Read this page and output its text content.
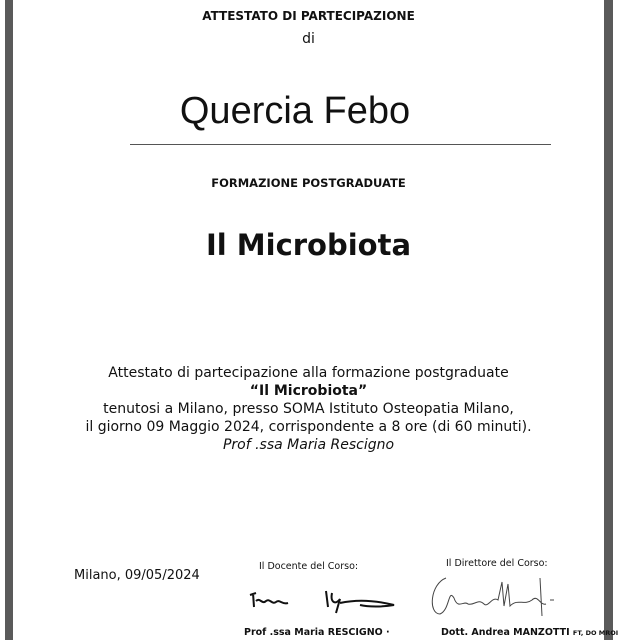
ATTESTATO DI PARTECIPAZIONE
di
Quercia Febo
FORMAZIONE POSTGRADUATE
Il Microbiota
Attestato di partecipazione alla formazione postgraduate
“Il Microbiota”
tenutosi a Milano, presso SOMA Istituto Osteopatia Milano,
il giorno 09 Maggio 2024, corrispondente a 8 ore (di 60 minuti).
Prof .ssa Maria Rescigno
Milano, 09/05/2024
Il Docente del Corso:
Prof .ssa Maria RESCIGNO ·
Il Direttore del Corso:
Dott. Andrea MANZOTTI FT, DO MROI
